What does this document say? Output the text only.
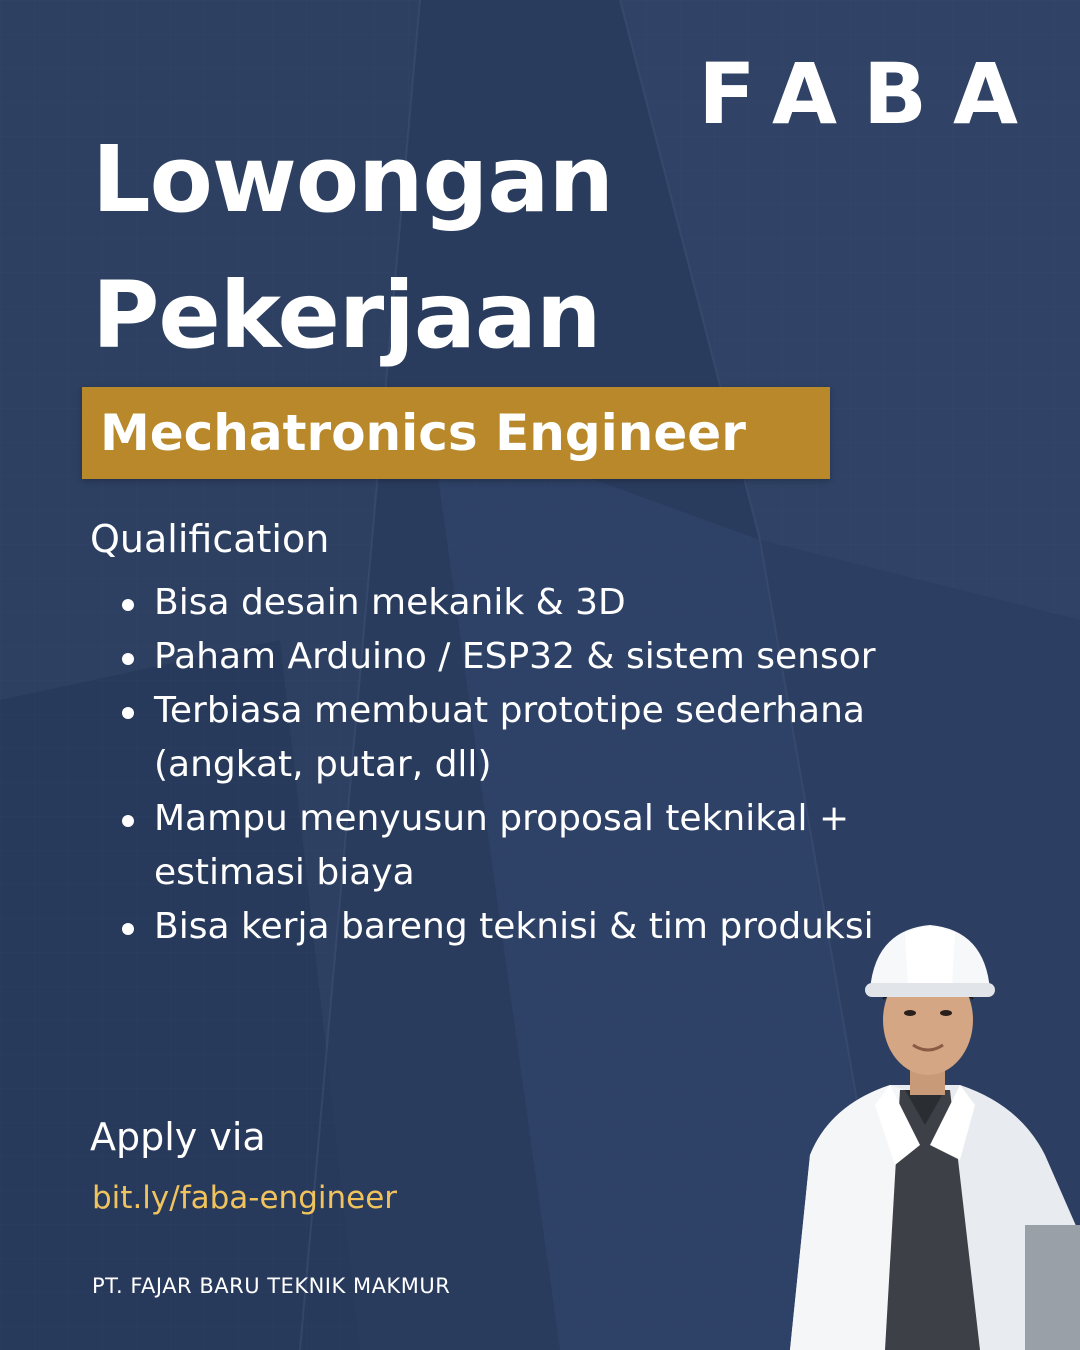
FABA
Lowongan
Pekerjaan
Mechatronics Engineer
Qualification
Bisa desain mekanik & 3D
Paham Arduino / ESP32 & sistem sensor
Terbiasa membuat prototipe sederhana (angkat, putar, dll)
Mampu menyusun proposal teknikal + estimasi biaya
Bisa kerja bareng teknisi & tim produksi
Apply via
bit.ly/faba-engineer
PT. FAJAR BARU TEKNIK MAKMUR
